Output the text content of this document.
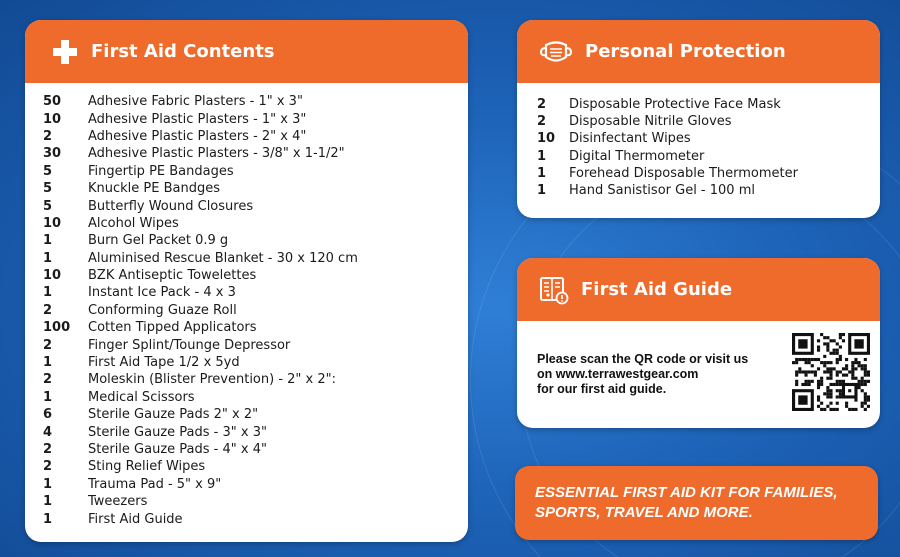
First Aid Contents
50	Adhesive Fabric Plasters - 1" x 3"
10	Adhesive Plastic Plasters - 1" x 3"
2	Adhesive Plastic Plasters - 2" x 4"
30	Adhesive Plastic Plasters - 3/8" x 1-1/2"
5	Fingertip PE Bandages
5	Knuckle PE Bandges
5	Butterfly Wound Closures
10	Alcohol Wipes
1	Burn Gel Packet 0.9 g
1	Aluminised Rescue Blanket - 30 x 120 cm
10	BZK Antiseptic Towelettes
1	Instant Ice Pack - 4 x 3
2	Conforming Guaze Roll
100	Cotten Tipped Applicators
2	Finger Splint/Tounge Depressor
1	First Aid Tape 1/2 x 5yd
2	Moleskin (Blister Prevention) - 2" x 2":
1	Medical Scissors
6	Sterile Gauze Pads 2" x 2"
4	Sterile Gauze Pads - 3" x 3"
2	Sterile Gauze Pads - 4" x 4"
2	Sting Relief Wipes
1	Trauma Pad - 5" x 9"
1	Tweezers
1	First Aid Guide
Personal Protection
2	Disposable Protective Face Mask
2	Disposable Nitrile Gloves
10	Disinfectant Wipes
1	Digital Thermometer
1	Forehead Disposable Thermometer
1	Hand Sanistisor Gel - 100 ml
First Aid Guide
Please scan the QR code or visit us
on www.terrawestgear.com
for our first aid guide.
ESSENTIAL FIRST AID KIT FOR FAMILIES,
SPORTS, TRAVEL AND MORE.
